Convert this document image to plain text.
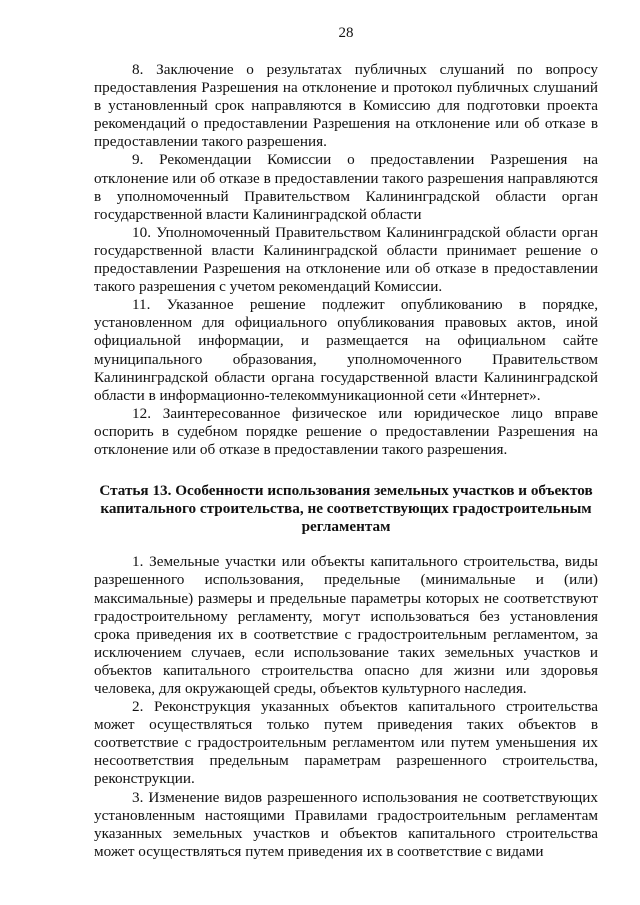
28

8. Заключение о результатах публичных слушаний по вопросу предоставления Разрешения на отклонение и протокол публичных слушаний в установленный срок направляются в Комиссию для подготовки проекта рекомендаций о предоставлении Разрешения на отклонение или об отказе в предоставлении такого разрешения.

9. Рекомендации Комиссии о предоставлении Разрешения на отклонение или об отказе в предоставлении такого разрешения направляются в уполномоченный Правительством Калининградской области орган государственной власти Калининградской области

10. Уполномоченный Правительством Калининградской области орган государственной власти Калининградской области принимает решение о предоставлении Разрешения на отклонение или об отказе в предоставлении такого разрешения с учетом рекомендаций Комиссии.

11. Указанное решение подлежит опубликованию в порядке, установленном для официального опубликования правовых актов, иной официальной информации, и размещается на официальном сайте муниципального образования, уполномоченного Правительством Калининградской области органа государственной власти Калининградской области в информационно-телекоммуникационной сети «Интернет».

12. Заинтересованное физическое или юридическое лицо вправе оспорить в судебном порядке решение о предоставлении Разрешения на отклонение или об отказе в предоставлении такого разрешения.

Статья 13. Особенности использования земельных участков и объектов капитального строительства, не соответствующих градостроительным регламентам

1. Земельные участки или объекты капитального строительства, виды разрешенного использования, предельные (минимальные и (или) максимальные) размеры и предельные параметры которых не соответствуют градостроительному регламенту, могут использоваться без установления срока приведения их в соответствие с градостроительным регламентом, за исключением случаев, если использование таких земельных участков и объектов капитального строительства опасно для жизни или здоровья человека, для окружающей среды, объектов культурного наследия.

2. Реконструкция указанных объектов капитального строительства может осуществляться только путем приведения таких объектов в соответствие с градостроительным регламентом или путем уменьшения их несоответствия предельным параметрам разрешенного строительства, реконструкции.

3. Изменение видов разрешенного использования не соответствующих установленным настоящими Правилами градостроительным регламентам указанных земельных участков и объектов капитального строительства может осуществляться путем приведения их в соответствие с видами
